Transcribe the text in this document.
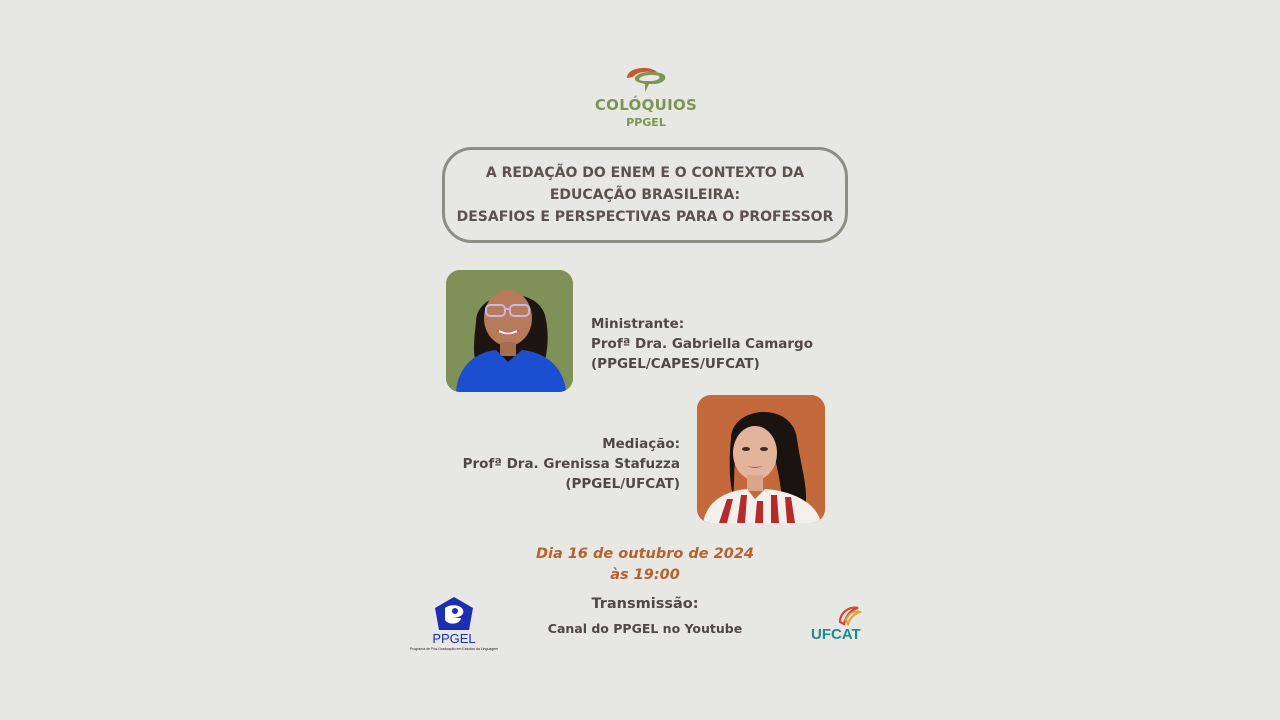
COLÓQUIOS
PPGEL
A REDAÇÃO DO ENEM E O CONTEXTO DA
EDUCAÇÃO BRASILEIRA:
DESAFIOS E PERSPECTIVAS PARA O PROFESSOR
Ministrante:
Profª Dra. Gabriella Camargo
(PPGEL/CAPES/UFCAT)
Mediação:
Profª Dra. Grenissa Stafuzza
(PPGEL/UFCAT)
Dia 16 de outubro de 2024
às 19:00
Transmissão:
Canal do PPGEL no Youtube
PPGEL
Programa de Pós-Graduação em Estudos da Linguagem
UFCAT
